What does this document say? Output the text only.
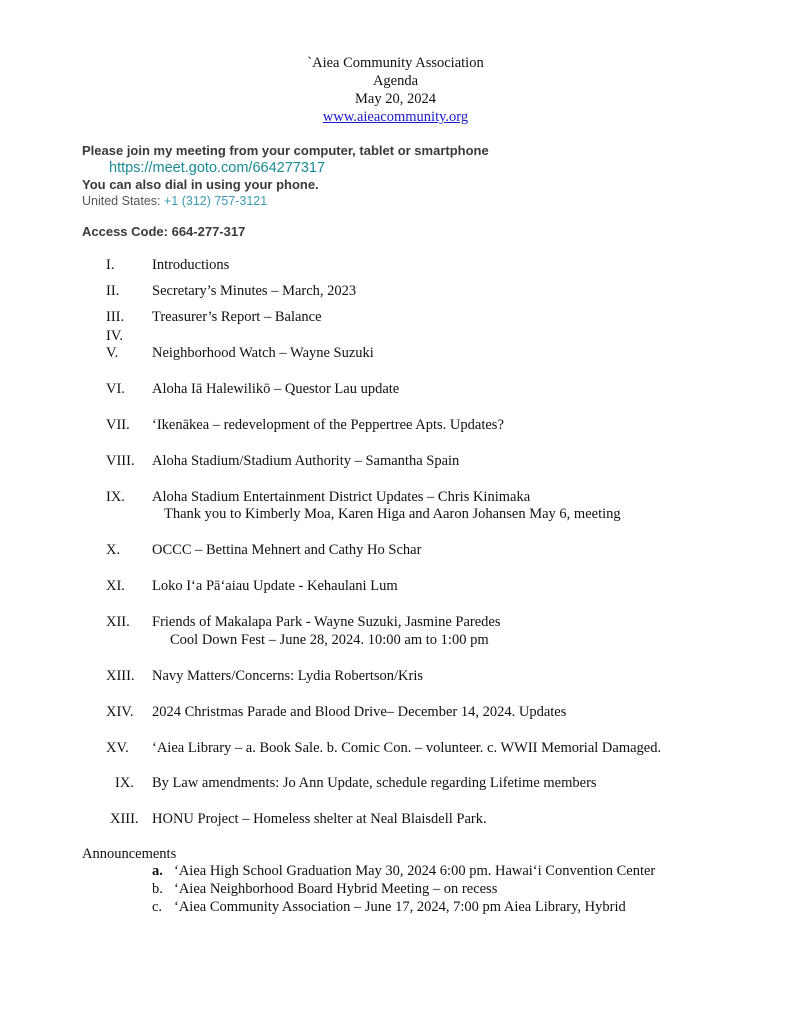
`Aiea Community Association
Agenda
May 20, 2024
www.aieacommunity.org
Please join my meeting from your computer, tablet or smartphone
https://meet.goto.com/664277317
You can also dial in using your phone.
United States: +1 (312) 757-3121
Access Code: 664-277-317
I.	Introductions
II. Secretary’s Minutes – March, 2023
III. Treasurer’s Report – Balance
IV.
V. Neighborhood Watch – Wayne Suzuki
VI. Aloha Iā Halewilikō – Questor Lau update
VII. ‘Ikenākea – redevelopment of the Peppertree Apts. Updates?
VIII. Aloha Stadium/Stadium Authority – Samantha Spain
IX. Aloha Stadium Entertainment District Updates – Chris Kinimaka
Thank you to Kimberly Moa, Karen Higa and Aaron Johansen May 6, meeting
X. OCCC – Bettina Mehnert and Cathy Ho Schar
XI. Loko Iʻa Pāʻaiau Update - Kehaulani Lum
XII. Friends of Makalapa Park - Wayne Suzuki, Jasmine Paredes
Cool Down Fest – June 28, 2024. 10:00 am to 1:00 pm
XIII. Navy Matters/Concerns: Lydia Robertson/Kris
XIV. 2024 Christmas Parade and Blood Drive– December 14, 2024. Updates
XV. ‘Aiea Library – a. Book Sale. b. Comic Con. – volunteer. c. WWII Memorial Damaged.
IX. By Law amendments: Jo Ann Update, schedule regarding Lifetime members
XIII. HONU Project – Homeless shelter at Neal Blaisdell Park.
Announcements
a. ‘Aiea High School Graduation May 30, 2024 6:00 pm. Hawaiʻi Convention Center
b. ‘Aiea Neighborhood Board Hybrid Meeting – on recess
c. ‘Aiea Community Association – June 17, 2024, 7:00 pm Aiea Library, Hybrid
